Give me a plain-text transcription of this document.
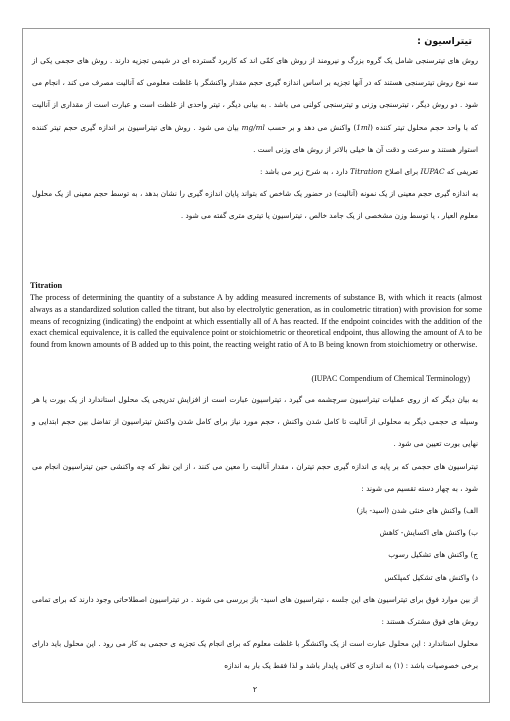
تیتراسیون :

روش های تیترسنجی شامل یک گروه بزرگ و نیرومند از روش های کمّی اند که کاربرد گسترده ای در شیمی تجزیه دارند . روش های حجمی یکی از سه نوع روش تیترسنجی هستند که در آنها تجزیه بر اساس اندازه گیری حجم مقدار واکنشگر با غلظت معلومی که آنالیت مصرف می کند ، انجام می شود . دو روش دیگر ، تیترسنجی وزنی و تیترسنجی کولنی می باشد . به بیانی دیگر ، تیتر واحدی از غلظت است و عبارت است از مقداری از آنالیت که با واحد حجم محلول تیتر کننده (1ml) واکنش می دهد و بر حسب mg/ml بیان می شود . روش های تیتراسیون بر اندازه گیری حجم تیتر کننده استوار هستند و سرعت و دقت آن ها خیلی بالاتر از روش های وزنی است .

تعریفی که IUPAC برای اصلاح Titration دارد ، به شرح زیر می باشد :

به اندازه گیری حجم معینی از یک نمونه (آنالیت) در حضور یک شاخص که بتواند پایان اندازه گیری را نشان بدهد ، به توسط حجم معینی از یک محلول معلوم العیار ، یا توسط وزن مشخصی از یک جامد خالص ، تیتراسیون یا تیتری متری گفته می شود .

Titration
The process of determining the quantity of a substance A by adding measured increments of substance B, with which it reacts (almost always as a standardized solution called the titrant, but also by electrolytic generation, as in coulometric titration) with provision for some means of recognizing (indicating) the endpoint at which essentially all of A has reacted. If the endpoint coincides with the addition of the exact chemical equivalence, it is called the equivalence point or stoichiometric or theoretical endpoint, thus allowing the amount of A to be found from known amounts of B added up to this point, the reacting weight ratio of A to B being known from stoichiometry or otherwise.
(IUPAC Compendium of Chemical Terminology)

به بیان دیگر که از روی عملیات تیتراسیون سرچشمه می گیرد ، تیتراسیون عبارت است از افزایش تدریجی یک محلول استاندارد از یک بورت یا هر وسیله ی حجمی دیگر به محلولی از آنالیت تا کامل شدن واکنش ، حجم مورد نیاز برای کامل شدن واکنش تیتراسیون از تفاضل بین حجم ابتدایی و نهایی بورت تعیین می شود .

تیتراسیون های حجمی که بر پایه ی اندازه گیری حجم تیتران ، مقدار آنالیت را معین می کنند ، از این نظر که چه واکنشی حین تیتراسیون انجام می شود ، به چهار دسته تقسیم می شوند :

الف) واکنش های خنثی شدن (اسید- باز)

ب) واکنش های اکسایش- کاهش

ج) واکنش های تشکیل رسوب

د) واکنش های تشکیل کمپلکس

از بین موارد فوق برای تیتراسیون های این جلسه ، تیتراسیون های اسید- باز بررسی می شوند . در تیتراسیون اصطلاحاتی وجود دارند که برای تمامی روش های فوق مشترک هستند :

محلول استاندارد : این محلول عبارت است از یک واکنشگر با غلظت معلوم که برای انجام یک تجزیه ی حجمی به کار می رود . این محلول باید دارای برخی خصوصیات باشد : (۱) به اندازه ی کافی پایدار باشد و لذا فقط یک بار به اندازه

۲
